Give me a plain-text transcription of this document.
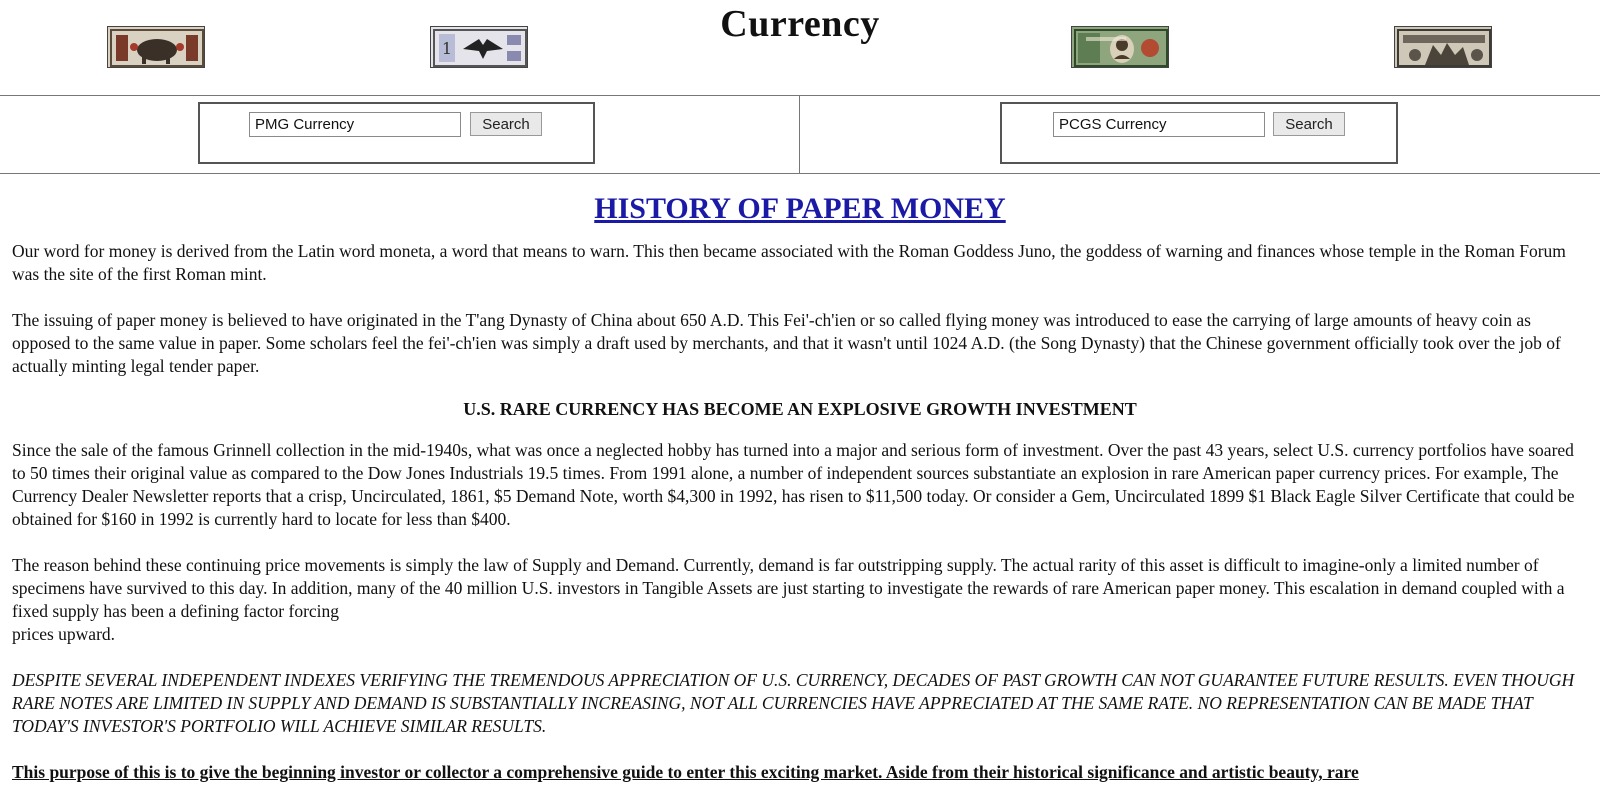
1
Currency
PMG Currency
Search
PCGS Currency	Search
HISTORY OF PAPER MONEY

Our word for money is derived from the Latin word moneta, a word that means to warn. This then became associated with the Roman Goddess Juno, the goddess of warning and finances whose temple in the Roman Forum was the site of the first Roman mint.

The issuing of paper money is believed to have originated in the T'ang Dynasty of China about 650 A.D. This Fei'-ch'ien or so called flying money was introduced to ease the carrying of large amounts of heavy coin as opposed to the same value in paper. Some scholars feel the fei'-ch'ien was simply a draft used by merchants, and that it wasn't until 1024 A.D. (the Song Dynasty) that the Chinese government officially took over the job of actually minting legal tender paper.

U.S. RARE CURRENCY HAS BECOME AN EXPLOSIVE GROWTH INVESTMENT

Since the sale of the famous Grinnell collection in the mid-1940s, what was once a neglected hobby has turned into a major and serious form of investment. Over the past 43 years, select U.S. currency portfolios have soared to 50 times their original value as compared to the Dow Jones Industrials 19.5 times. From 1991 alone, a number of independent sources substantiate an explosion in rare American paper currency prices. For example, The Currency Dealer Newsletter reports that a crisp, Uncirculated, 1861, $5 Demand Note, worth $4,300 in 1992, has risen to $11,500 today. Or consider a Gem, Uncirculated 1899 $1 Black Eagle Silver Certificate that could be obtained for $160 in 1992 is currently hard to locate for less than $400.

The reason behind these continuing price movements is simply the law of Supply and Demand. Currently, demand is far outstripping supply. The actual rarity of this asset is difficult to imagine-only a limited number of specimens have survived to this day. In addition, many of the 40 million U.S. investors in Tangible Assets are just starting to investigate the rewards of rare American paper money. This escalation in demand coupled with a fixed supply has been a defining factor forcing
prices upward.

DESPITE SEVERAL INDEPENDENT INDEXES VERIFYING THE TREMENDOUS APPRECIATION OF U.S. CURRENCY, DECADES OF PAST GROWTH CAN NOT GUARANTEE FUTURE RESULTS. EVEN THOUGH RARE NOTES ARE LIMITED IN SUPPLY AND DEMAND IS SUBSTANTIALLY INCREASING, NOT ALL CURRENCIES HAVE APPRECIATED AT THE SAME RATE. NO REPRESENTATION CAN BE MADE THAT TODAY'S INVESTOR'S PORTFOLIO WILL ACHIEVE SIMILAR RESULTS.

This purpose of this is to give the beginning investor or collector a comprehensive guide to enter this exciting market. Aside from their historical significance and artistic beauty, rare
